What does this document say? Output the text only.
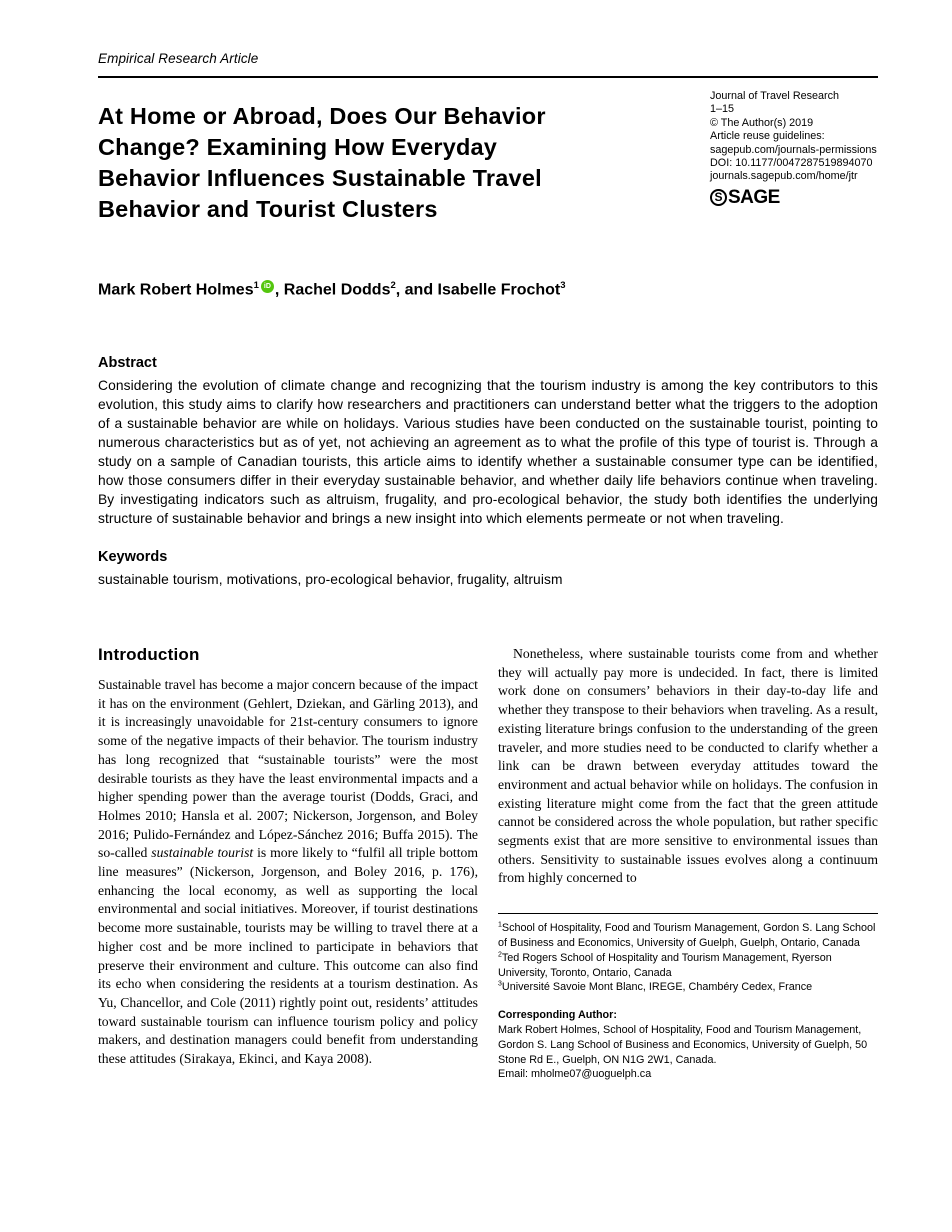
Empirical Research Article
At Home or Abroad, Does Our Behavior
Change? Examining How Everyday
Behavior Influences Sustainable Travel
Behavior and Tourist Clusters
Journal of Travel Research
1–15
© The Author(s) 2019
Article reuse guidelines:
sagepub.com/journals-permissions
DOI: 10.1177/0047287519894070
journals.sagepub.com/home/jtr
S SAGE
Mark Robert Holmes$^1$ iD , Rachel Dodds$^2$, and Isabelle Frochot$^3$
Abstract
Considering the evolution of climate change and recognizing that the tourism industry is among the key contributors to this evolution, this study aims to clarify how researchers and practitioners can understand better what the triggers to the adoption of a sustainable behavior are while on holidays. Various studies have been conducted on the sustainable tourist, pointing to numerous characteristics but as of yet, not achieving an agreement as to what the profile of this type of tourist is. Through a study on a sample of Canadian tourists, this article aims to identify whether a sustainable consumer type can be identified, how those consumers differ in their everyday sustainable behavior, and whether daily life behaviors continue when traveling. By investigating indicators such as altruism, frugality, and pro-ecological behavior, the study both identifies the underlying structure of sustainable behavior and brings a new insight into which elements permeate or not when traveling.
Keywords
sustainable tourism, motivations, pro-ecological behavior, frugality, altruism
Introduction

Sustainable travel has become a major concern because of the impact it has on the environment (Gehlert, Dziekan, and Gärling 2013), and it is increasingly unavoidable for 21st-century consumers to ignore some of the negative impacts of their behavior. The tourism industry has long recognized that “sustainable tourists” were the most desirable tourists as they have the least environmental impacts and a higher spending power than the average tourist (Dodds, Graci, and Holmes 2010; Hansla et al. 2007; Nickerson, Jorgenson, and Boley 2016; Pulido-Fernández and López-Sánchez 2016; Buffa 2015). The so-called sustainable tourist is more likely to “fulfil all triple bottom line measures” (Nickerson, Jorgenson, and Boley 2016, p. 176), enhancing the local economy, as well as supporting the local environmental and social initiatives. Moreover, if tourist destinations become more sustainable, tourists may be willing to travel there at a higher cost and be more inclined to participate in behaviors that preserve their environment and culture. This outcome can also find its echo when considering the residents at a tourism destination. As Yu, Chancellor, and Cole (2011) rightly point out, residents’ attitudes toward sustainable tourism can influence tourism policy and policy makers, and destination managers could benefit from understanding these attitudes (Sirakaya, Ekinci, and Kaya 2008).

Nonetheless, where sustainable tourists come from and whether they will actually pay more is undecided. In fact, there is limited work done on consumers’ behaviors in their day-to-day life and whether they transpose to their behaviors when traveling. As a result, existing literature brings confusion to the understanding of the green traveler, and more studies need to be conducted to clarify whether a link can be drawn between everyday attitudes toward the environment and actual behavior while on holidays. The confusion in existing literature might come from the fact that the green attitude cannot be considered across the whole population, but rather specific segments exist that are more sensitive to environmental issues than others. Sensitivity to sustainable issues evolves along a continuum from highly concerned to

$^1$School of Hospitality, Food and Tourism Management, Gordon S. Lang School of Business and Economics, University of Guelph, Guelph, Ontario, Canada
$^2$Ted Rogers School of Hospitality and Tourism Management, Ryerson University, Toronto, Ontario, Canada
$^3$Université Savoie Mont Blanc, IREGE, Chambéry Cedex, France
Corresponding Author:
Mark Robert Holmes, School of Hospitality, Food and Tourism Management, Gordon S. Lang School of Business and Economics, University of Guelph, 50 Stone Rd E., Guelph, ON N1G 2W1, Canada.
Email: mholme07@uoguelph.ca
